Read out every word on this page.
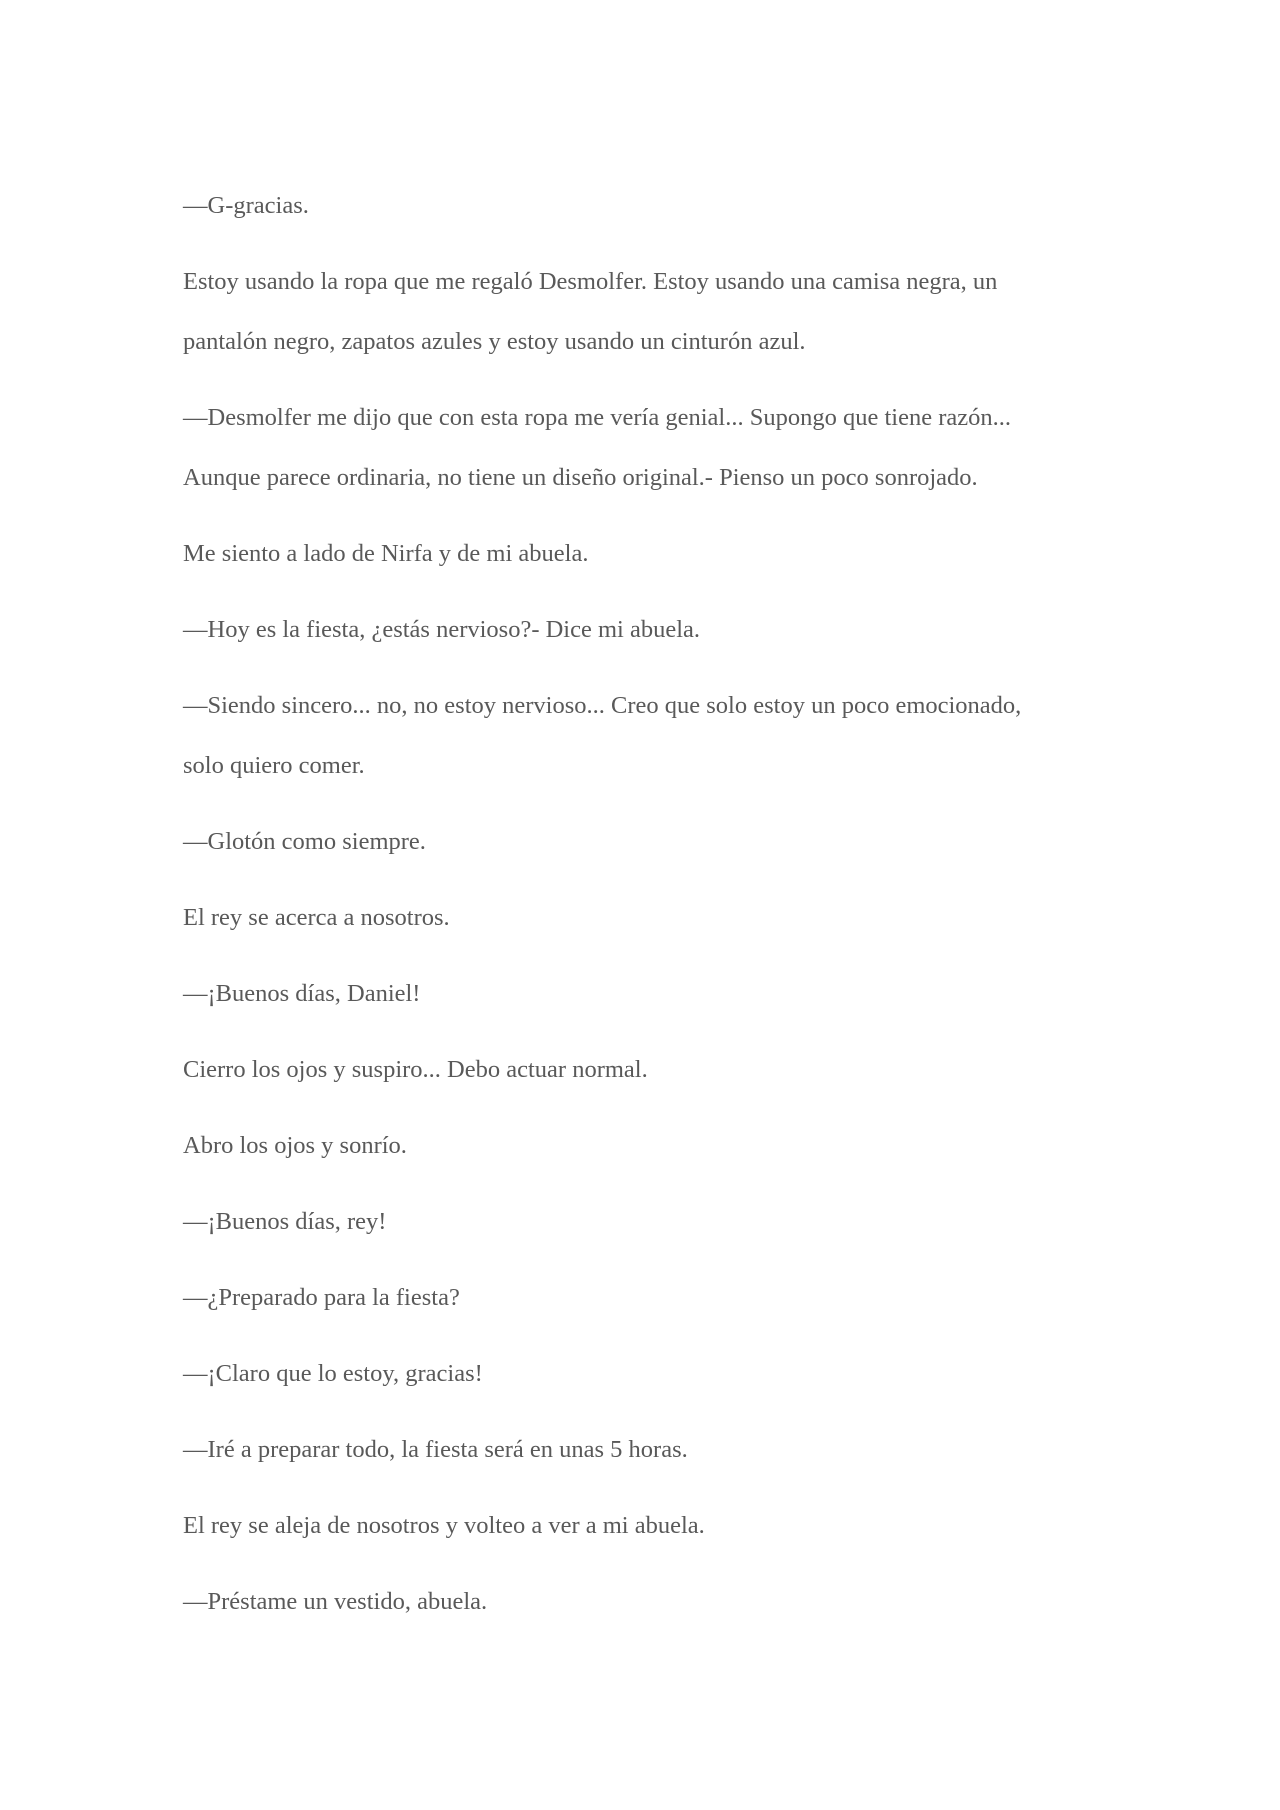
—G-gracias.

Estoy usando la ropa que me regaló Desmolfer. Estoy usando una camisa negra, un
pantalón negro, zapatos azules y estoy usando un cinturón azul.

—Desmolfer me dijo que con esta ropa me vería genial... Supongo que tiene razón...
Aunque parece ordinaria, no tiene un diseño original.- Pienso un poco sonrojado.

Me siento a lado de Nirfa y de mi abuela.

—Hoy es la fiesta, ¿estás nervioso?- Dice mi abuela.

—Siendo sincero... no, no estoy nervioso... Creo que solo estoy un poco emocionado,
solo quiero comer.

—Glotón como siempre.

El rey se acerca a nosotros.

—¡Buenos días, Daniel!

Cierro los ojos y suspiro... Debo actuar normal.

Abro los ojos y sonrío.

—¡Buenos días, rey!

—¿Preparado para la fiesta?

—¡Claro que lo estoy, gracias!

—Iré a preparar todo, la fiesta será en unas 5 horas.

El rey se aleja de nosotros y volteo a ver a mi abuela.

—Préstame un vestido, abuela.
